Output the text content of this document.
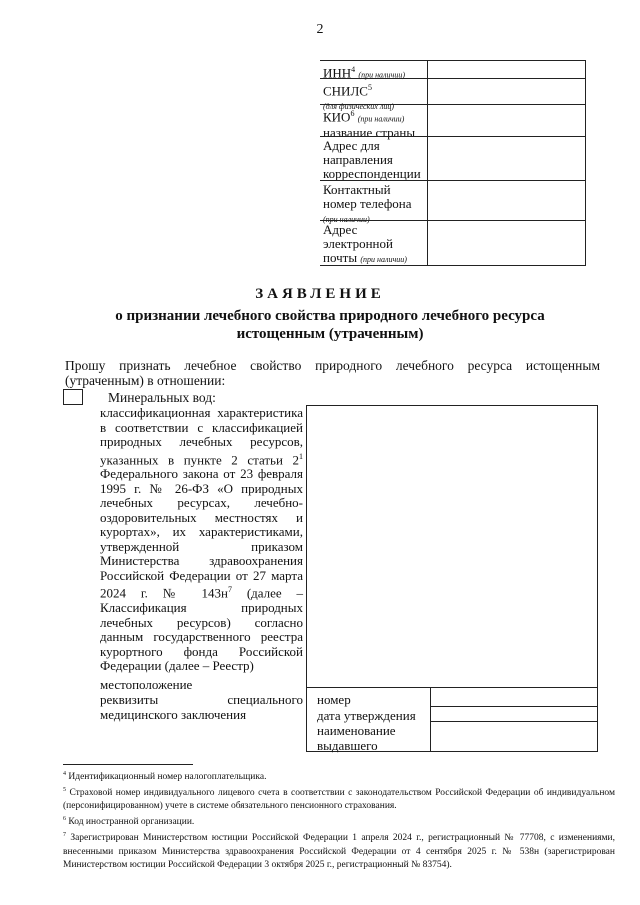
2
ИНН$^4$ (при наличии)
СНИЛС$^5$
(для физических лиц)
КИО$^6$ (при наличии)
название страны
Адрес для направления корреспонденции
Контактный номер телефона
(при наличии)
Адрес электронной почты (при наличии)
ЗАЯВЛЕНИЕ
о признании лечебного свойства природного лечебного ресурса истощенным (утраченным)
Прошу признать лечебное свойство природного лечебного ресурса истощенным (утраченным) в отношении:
Минеральных вод:
классификационная характеристика в соответствии с классификацией природных лечебных ресурсов, указанных в пункте 2 статьи $2^1$ Федерального закона от 23 февраля 1995 г. № 26-ФЗ «О природных лечебных ресурсах, лечебно-оздоровительных местностях и курортах», их характеристиками, утвержденной приказом Министерства здравоохранения Российской Федерации от 27 марта 2024 г. № $143н^7$ (далее – Классификация природных лечебных ресурсов) согласно данным государственного реестра курортного фонда Российской Федерации (далее – Реестр)
местоположение
реквизиты специального медицинского заключения
номер
дата утверждения
наименование
выдавшего
$^4$ Идентификационный номер налогоплательщика.
$^5$ Страховой номер индивидуального лицевого счета в соответствии с законодательством Российской Федерации об индивидуальном (персонифицированном) учете в системе обязательного пенсионного страхования.
$^6$ Код иностранной организации.
$^7$ Зарегистрирован Министерством юстиции Российской Федерации 1 апреля 2024 г., регистрационный № 77708, с изменениями, внесенными приказом Министерства здравоохранения Российской Федерации от 4 сентября 2025 г. № 538н (зарегистрирован Министерством юстиции Российской Федерации 3 октября 2025 г., регистрационный № 83754).
